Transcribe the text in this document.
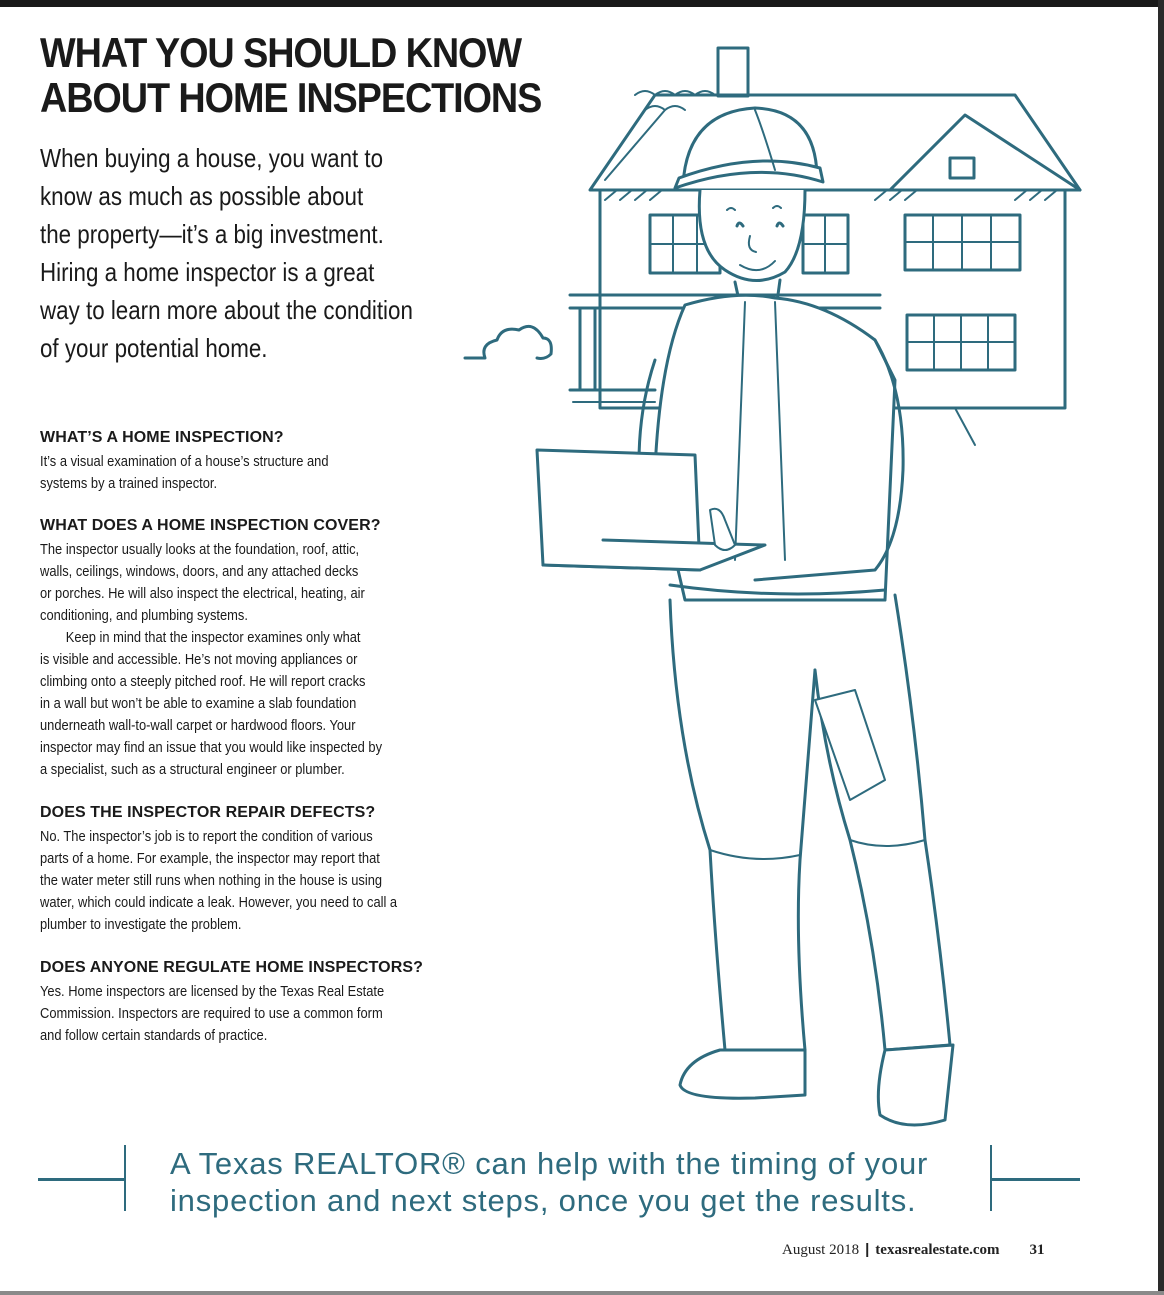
WHAT YOU SHOULD KNOW
ABOUT HOME INSPECTIONS
When buying a house, you want to
know as much as possible about
the property—it’s a big investment.
Hiring a home inspector is a great
way to learn more about the condition
of your potential home.
WHAT’S A HOME INSPECTION?
It’s a visual examination of a house’s structure and
systems by a trained inspector.
WHAT DOES A HOME INSPECTION COVER?
The inspector usually looks at the foundation, roof, attic,
walls, ceilings, windows, doors, and any attached decks
or porches. He will also inspect the electrical, heating, air
conditioning, and plumbing systems.
Keep in mind that the inspector examines only what
is visible and accessible. He’s not moving appliances or
climbing onto a steeply pitched roof. He will report cracks
in a wall but won’t be able to examine a slab foundation
underneath wall-to-wall carpet or hardwood floors. Your
inspector may find an issue that you would like inspected by
a specialist, such as a structural engineer or plumber.
DOES THE INSPECTOR REPAIR DEFECTS?
No. The inspector’s job is to report the condition of various
parts of a home. For example, the inspector may report that
the water meter still runs when nothing in the house is using
water, which could indicate a leak. However, you need to call a
plumber to investigate the problem.
DOES ANYONE REGULATE HOME INSPECTORS?
Yes. Home inspectors are licensed by the Texas Real Estate
Commission. Inspectors are required to use a common form
and follow certain standards of practice.
A Texas REALTOR® can help with the timing of your
inspection and next steps, once you get the results.
August 2018 | texasrealestate.com 31
